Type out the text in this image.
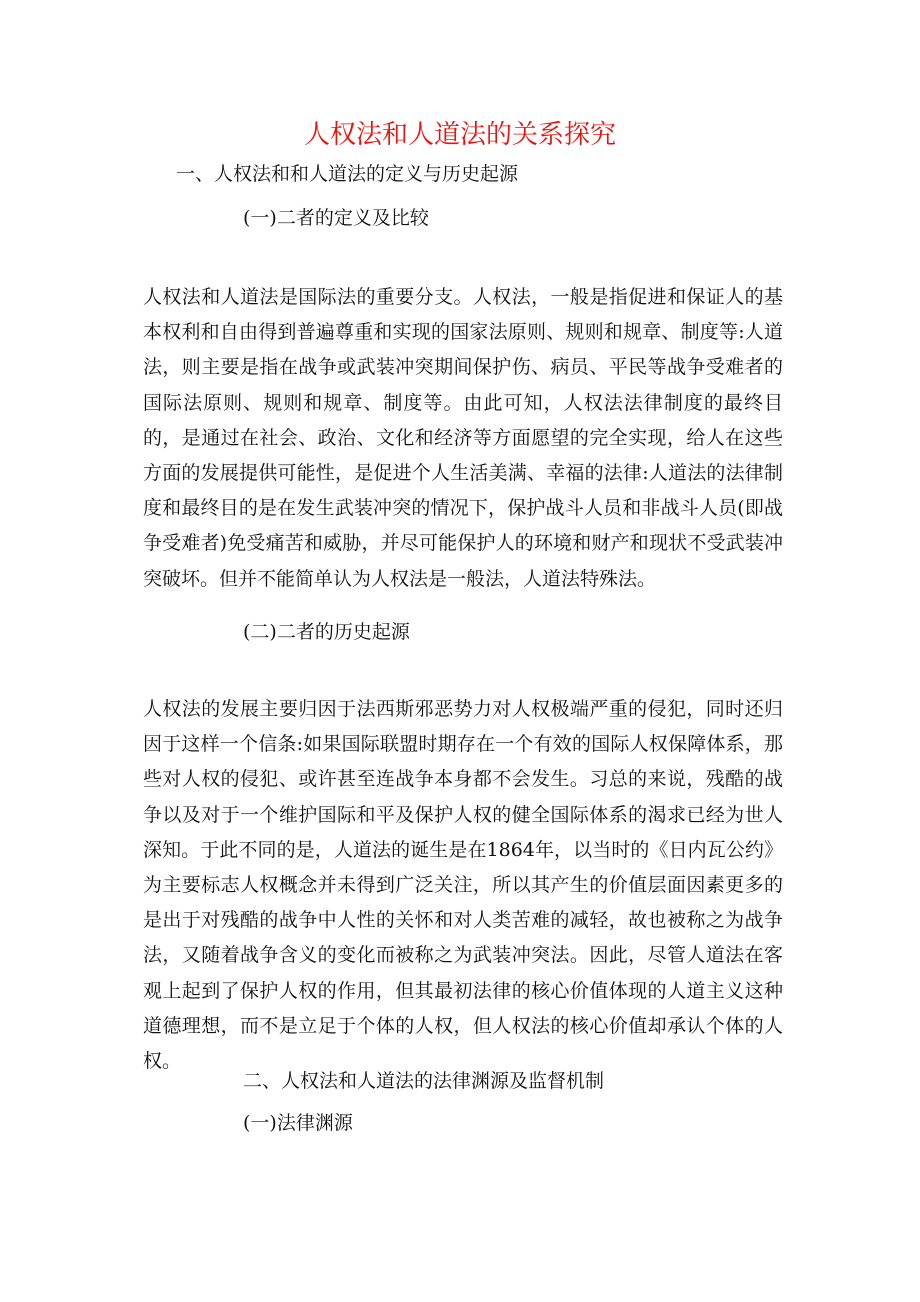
人权法和人道法的关系探究
一、人权法和和人道法的定义与历史起源
(一)二者的定义及比较
人权法和人道法是国际法的重要分支。人权法，一般是指促进和保证人的基本权利和自由得到普遍尊重和实现的国家法原则、规则和规章、制度等:人道法，则主要是指在战争或武装冲突期间保护伤、病员、平民等战争受难者的国际法原则、规则和规章、制度等。由此可知，人权法法律制度的最终目的，是通过在社会、政治、文化和经济等方面愿望的完全实现，给人在这些方面的发展提供可能性，是促进个人生活美满、幸福的法律:人道法的法律制度和最终目的是在发生武装冲突的情况下，保护战斗人员和非战斗人员(即战争受难者)免受痛苦和威胁，并尽可能保护人的环境和财产和现状不受武装冲突破坏。但并不能简单认为人权法是一般法，人道法特殊法。
(二)二者的历史起源
人权法的发展主要归因于法西斯邪恶势力对人权极端严重的侵犯，同时还归因于这样一个信条:如果国际联盟时期存在一个有效的国际人权保障体系，那些对人权的侵犯、或许甚至连战争本身都不会发生。习总的来说，残酷的战争以及对于一个维护国际和平及保护人权的健全国际体系的渴求已经为世人深知。于此不同的是，人道法的诞生是在1864年，以当时的《日内瓦公约》为主要标志人权概念并未得到广泛关注，所以其产生的价值层面因素更多的是出于对残酷的战争中人性的关怀和对人类苦难的减轻，故也被称之为战争法，又随着战争含义的变化而被称之为武装冲突法。因此，尽管人道法在客观上起到了保护人权的作用，但其最初法律的核心价值体现的人道主义这种道德理想，而不是立足于个体的人权，但人权法的核心价值却承认个体的人权。
二、人权法和人道法的法律渊源及监督机制
(一)法律渊源
